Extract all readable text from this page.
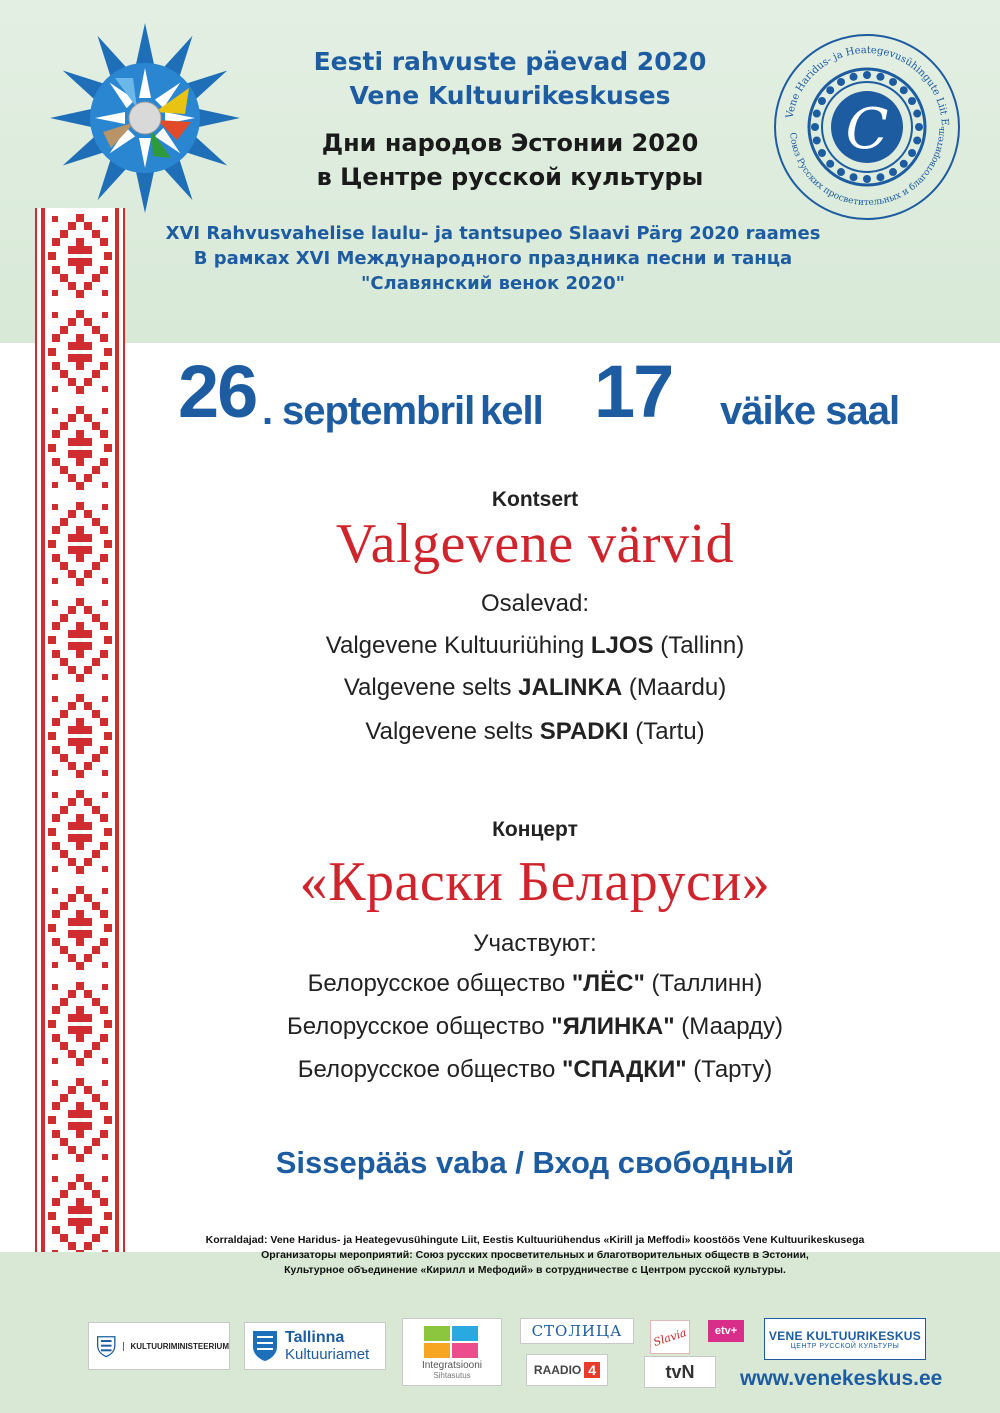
Vene Haridus- ja Heategevusühingute Liit E
Союз Русских просветительных и благотворитель
С
Eesti rahvuste päevad 2020
Vene Kultuurikeskuses
Дни народов Эстонии 2020
в Центре русской культуры
XVI Rahvusvahelise laulu- ja tantsupeo Slaavi Pärg 2020 raames
В рамках XVI Международного праздника песни и танца
"Славянский венок 2020"
26 . septembril kell 17 väike saal
Kontsert
Valgevene värvid
Osalevad:
Valgevene Kultuuriühing LJOS (Tallinn)
Valgevene selts JALINKA (Maardu)
Valgevene selts SPADKI (Tartu)
Концерт
«Краски Беларуси»
Участвуют:
Белорусское общество "ЛЁС" (Таллинн)
Белорусское общество "ЯЛИНКА" (Маарду)
Белорусское общество "СПАДКИ" (Тарту)
Sissepääs vaba / Вход свободный
Korraldajad: Vene Haridus- ja Heategevusühingute Liit, Eestis Kultuuriühendus «Kirill ja Meffodi» koostöös Vene Kultuurikeskusega
Организаторы мероприятий: Союз русских просветительных и благотворительных обществ в Эстонии,
Культурное объединение «Кирилл и Мефодий» в сотрудничестве с Центром русской культуры.
KULTUURIMINISTEERIUM	Tallinna
Kultuuriamet
Integratsiooni
Sihtasutus
СТОЛИЦА	Slavia etv+
RAADIO 4	tvN
VENE KULTUURIKESKUS
ЦЕНТР РУССКОЙ КУЛЬТУРЫ
www.venekeskus.ee
